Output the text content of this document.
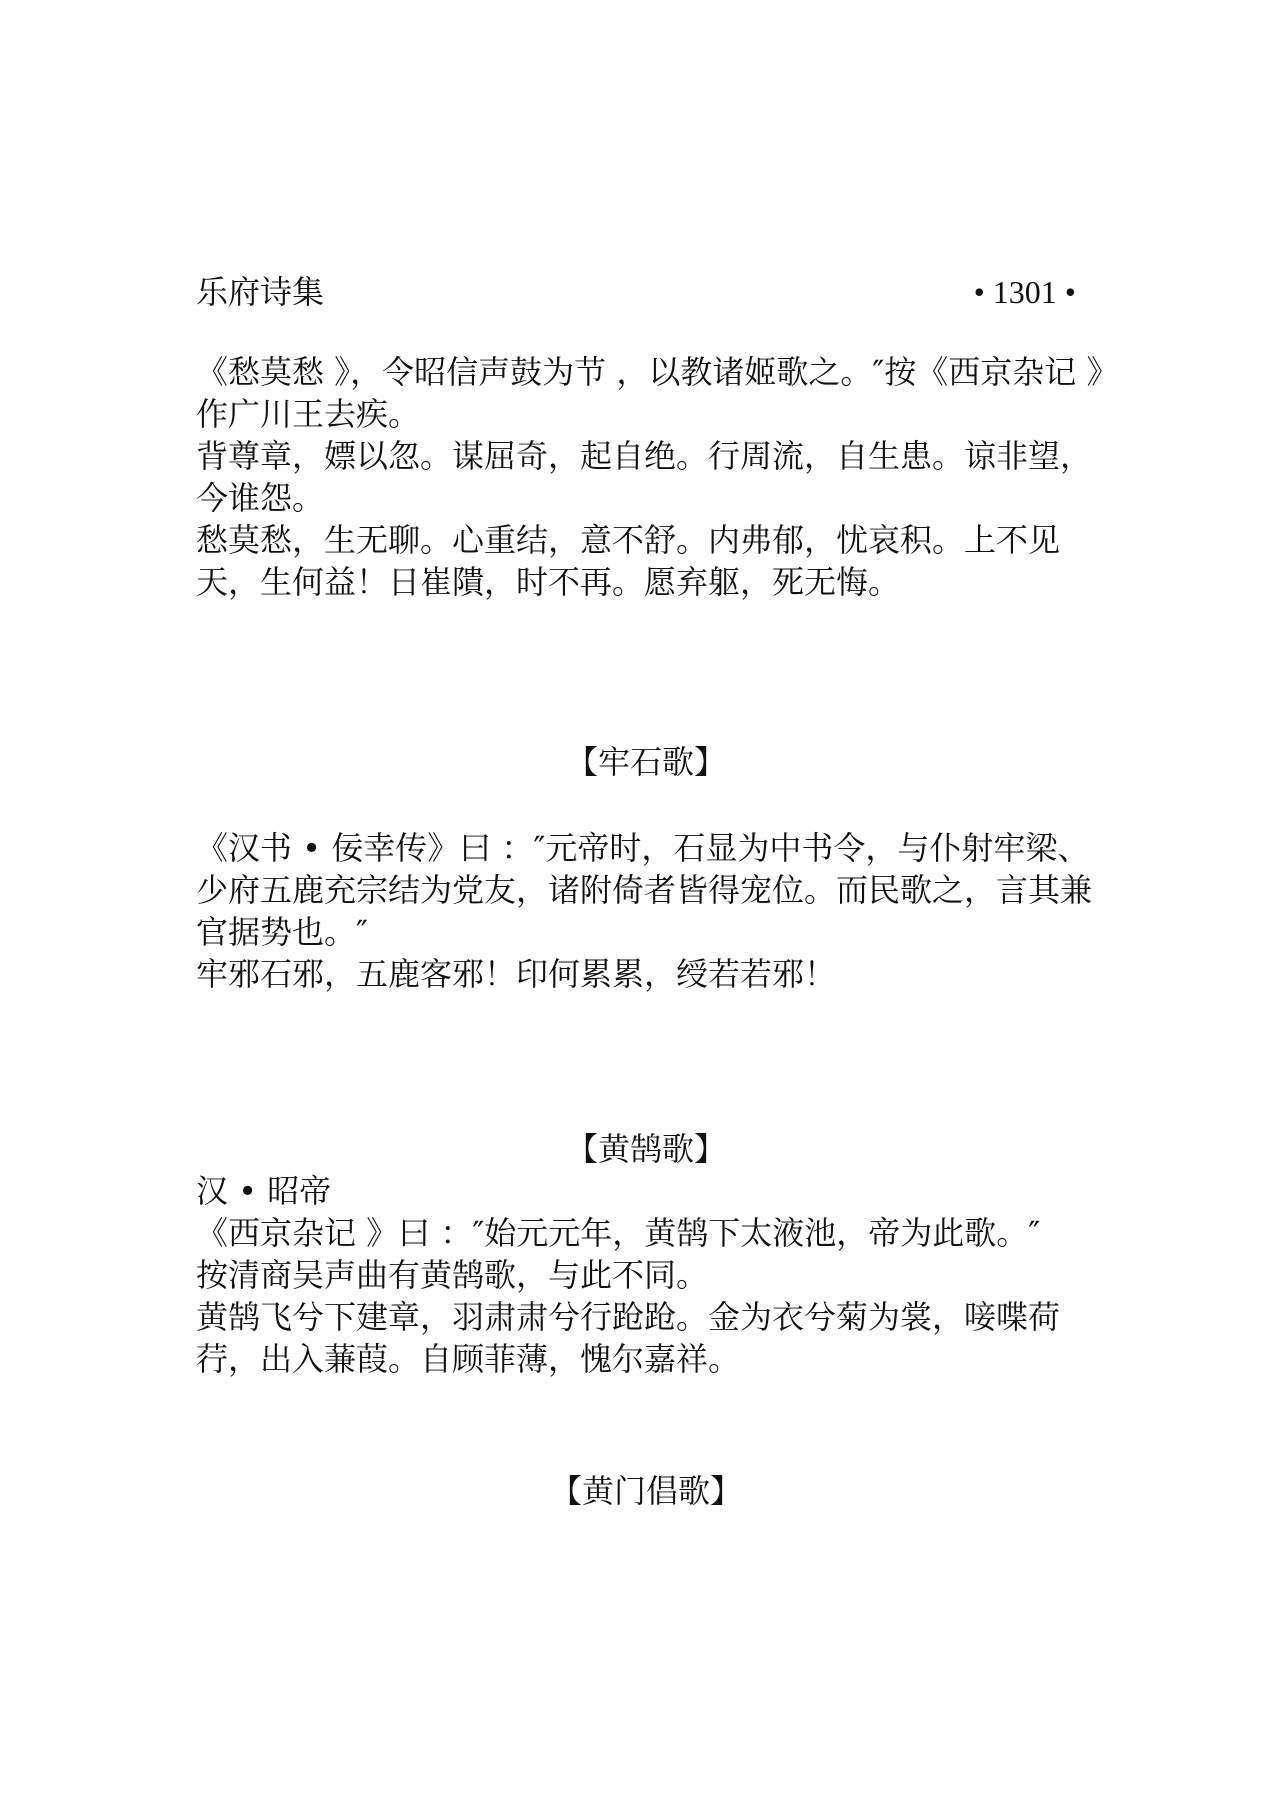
乐府诗集	• 1301 •

《愁莫愁 》，令昭信声鼓为节 ，以教诸姬歌之。″按《西京杂记 》作广川王去疾。

背尊章，嫖以忽。谋屈奇，起自绝。行周流，自生患。谅非望，今谁怨。

愁莫愁，生无聊。心重结，意不舒。内弗郁，忧哀积。上不见天，生何益！日崔隤，时不再。愿弃躯，死无悔。

【牢石歌】

《汉书 • 佞幸传》曰 ：″元帝时，石显为中书令，与仆射牢梁、少府五鹿充宗结为党友，诸附倚者皆得宠位。而民歌之，言其兼官据势也。″

牢邪石邪，五鹿客邪！印何累累，绶若若邪！

【黄鹄歌】

汉 • 昭帝

《西京杂记 》曰 ：″始元元年，黄鹄下太液池，帝为此歌。″

按清商吴声曲有黄鹄歌，与此不同。

黄鹄飞兮下建章，羽肃肃兮行跄跄。金为衣兮菊为裳，唼喋荷荇，出入蒹葭。自顾菲薄，愧尔嘉祥。

【黄门倡歌】
